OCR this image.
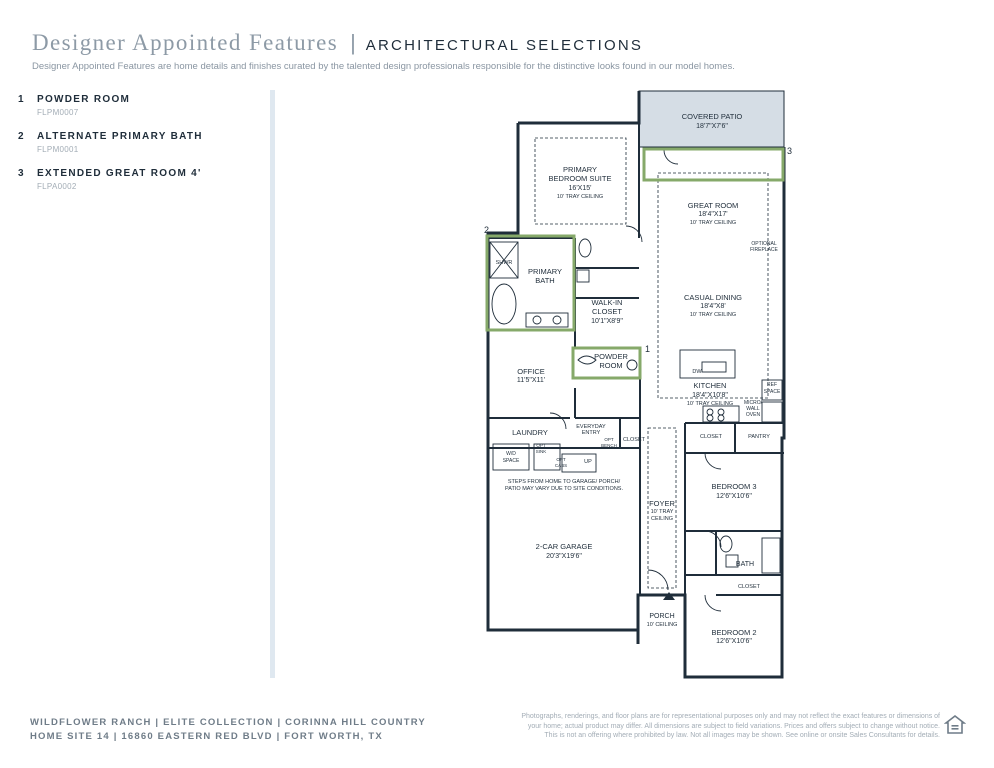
Designer Appointed Features | ARCHITECTURAL SELECTIONS
Designer Appointed Features are home details and finishes curated by the talented design professionals responsible for the distinctive looks found in our model homes.
1	POWDER ROOM
FLPM0007
2	ALTERNATE PRIMARY BATH
FLPM0001
3	EXTENDED GREAT ROOM 4'
FLPA0002
3
2
1
COVERED PATIO
18'7"X7'6"
PRIMARY
BEDROOM SUITE
16'X15'
10' TRAY CEILING
GREAT ROOM
18'4"X17'
10' TRAY CEILING
OPTIONAL
FIREPLACE
SHWR
PRIMARY
BATH
WALK-IN
CLOSET
10'1"X8'9"
CASUAL DINING
18'4"X8'
10' TRAY CEILING
POWDER
ROOM
OFFICE
11'5"X11'
DW
KITCHEN
18'4"X10'8"
10' TRAY CEILING
REF
SPACE
MICRO/
WALL
OVEN
LAUNDRY
EVERYDAY
ENTRY
OPT
BENCH
CLOSET	CLOSET	PANTRY
W/D
SPACE
OPT
SINK
OPT
CABS
UP
STEPS FROM HOME TO GARAGE/ PORCH/
PATIO MAY VARY DUE TO SITE CONDITIONS.	BEDROOM 3
12'6"X10'6"
FOYER
10' TRAY
CEILING
2-CAR GARAGE
20'3"X19'6"
BATH
CLOSET
PORCH
10' CEILING
BEDROOM 2
12'6"X10'6"
WILDFLOWER RANCH | ELITE COLLECTION | CORINNA HILL COUNTRY
HOME SITE 14 | 16860 EASTERN RED BLVD | FORT WORTH, TX
Photographs, renderings, and floor plans are for representational purposes only and may not reflect the exact features or dimensions of
your home; actual product may differ. All dimensions are subject to field variations. Prices and offers subject to change without notice.
This is not an offering where prohibited by law. Not all images may be shown. See online or onsite Sales Consultants for details.
